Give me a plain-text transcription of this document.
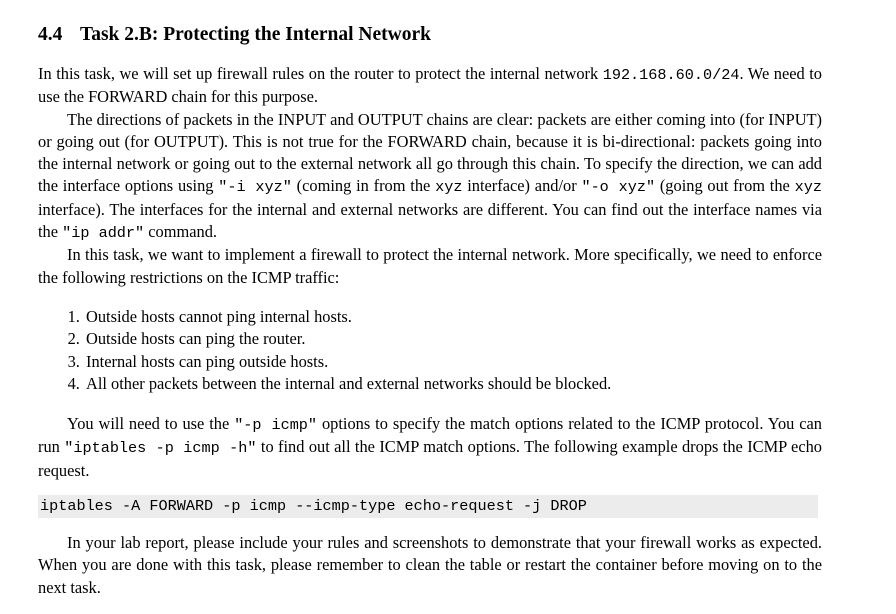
4.4 Task 2.B: Protecting the Internal Network

In this task, we will set up firewall rules on the router to protect the internal network 192.168.60.0/24. We need to use the FORWARD chain for this purpose.

The directions of packets in the INPUT and OUTPUT chains are clear: packets are either coming into (for INPUT) or going out (for OUTPUT). This is not true for the FORWARD chain, because it is bi-directional: packets going into the internal network or going out to the external network all go through this chain. To specify the direction, we can add the interface options using "-i xyz" (coming in from the xyz interface) and/or "-o xyz" (going out from the xyz interface). The interfaces for the internal and external networks are different. You can find out the interface names via the "ip addr" command.

In this task, we want to implement a firewall to protect the internal network. More specifically, we need to enforce the following restrictions on the ICMP traffic:

1. Outside hosts cannot ping internal hosts.
2. Outside hosts can ping the router.
3. Internal hosts can ping outside hosts.
4. All other packets between the internal and external networks should be blocked.

You will need to use the "-p icmp" options to specify the match options related to the ICMP protocol. You can run "iptables -p icmp -h" to find out all the ICMP match options. The following example drops the ICMP echo request.

iptables -A FORWARD -p icmp --icmp-type echo-request -j DROP

In your lab report, please include your rules and screenshots to demonstrate that your firewall works as expected. When you are done with this task, please remember to clean the table or restart the container before moving on to the next task.
